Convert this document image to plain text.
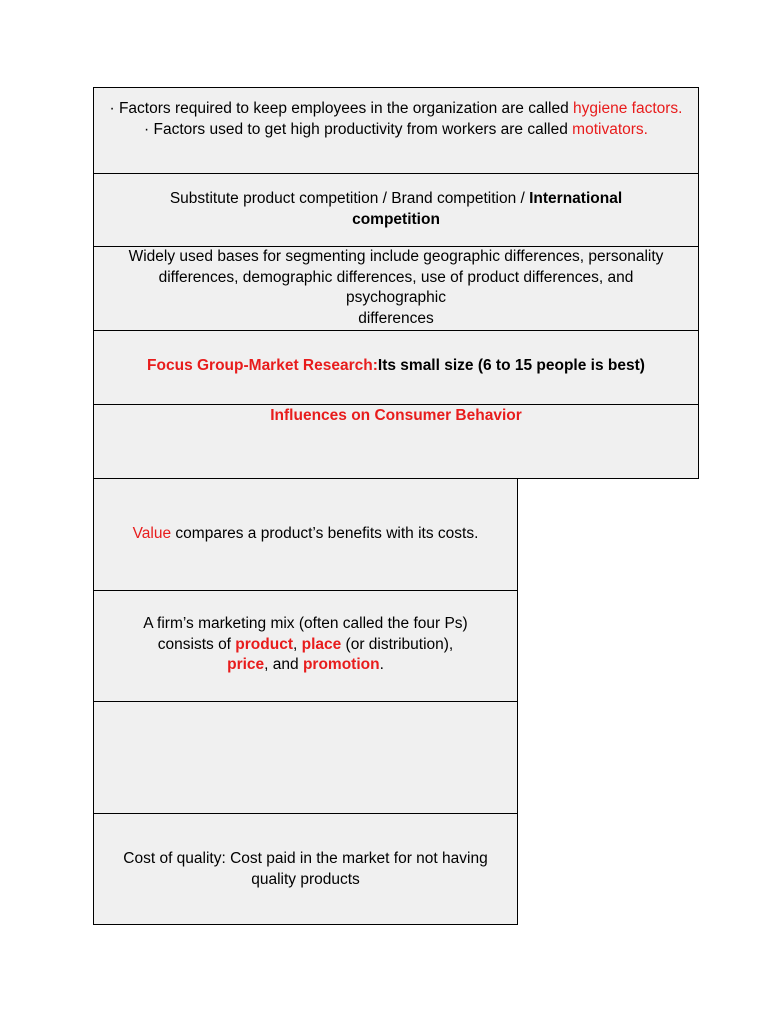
· Factors required to keep employees in the organization are called hygiene factors.
· Factors used to get high productivity from workers are called motivators.
Substitute product competition / Brand competition / International competition
Widely used bases for segmenting include geographic differences, personality
differences, demographic differences, use of product differences, and
psychographic
differences
Focus Group-Market Research:Its small size (6 to 15 people is best)
Influences on Consumer Behavior
Value compares a product’s benefits with its costs.
A firm’s marketing mix (often called the four Ps)
consists of product, place (or distribution),
price, and promotion.
Cost of quality: Cost paid in the market for not having
quality products
